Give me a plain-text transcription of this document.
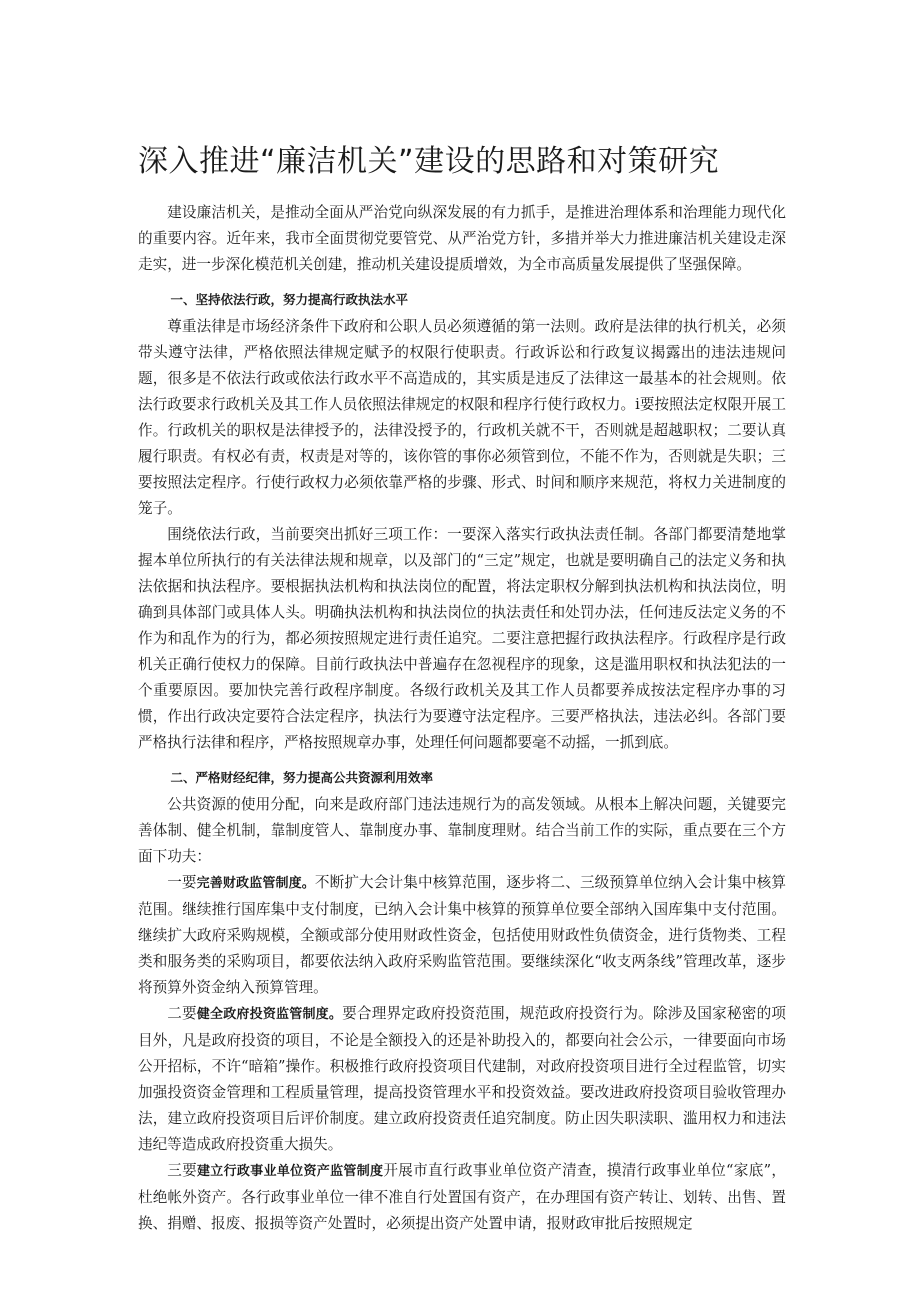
深入推进“廉洁机关”建设的思路和对策研究

建设廉洁机关，是推动全面从严治党向纵深发展的有力抓手，是推进治理体系和治理能力现代化的重要内容。近年来，我市全面贯彻党要管党、从严治党方针，多措并举大力推进廉洁机关建设走深走实，进一步深化模范机关创建，推动机关建设提质增效，为全市高质量发展提供了坚强保障。

一、坚持依法行政，努力提高行政执法水平

尊重法律是市场经济条件下政府和公职人员必须遵循的第一法则。政府是法律的执行机关，必须带头遵守法律，严格依照法律规定赋予的权限行使职责。行政诉讼和行政复议揭露出的违法违规问题，很多是不依法行政或依法行政水平不高造成的，其实质是违反了法律这一最基本的社会规则。依法行政要求行政机关及其工作人员依照法律规定的权限和程序行使行政权力。i要按照法定权限开展工作。行政机关的职权是法律授予的，法律没授予的，行政机关就不干，否则就是超越职权；二要认真履行职责。有权必有责，权责是对等的，该你管的事你必须管到位，不能不作为，否则就是失职；三要按照法定程序。行使行政权力必须依靠严格的步骤、形式、时间和顺序来规范，将权力关进制度的笼子。

围绕依法行政，当前要突出抓好三项工作：一要深入落实行政执法责任制。各部门都要清楚地掌握本单位所执行的有关法律法规和规章，以及部门的“三定”规定，也就是要明确自己的法定义务和执法依据和执法程序。要根据执法机构和执法岗位的配置，将法定职权分解到执法机构和执法岗位，明确到具体部门或具体人头。明确执法机构和执法岗位的执法责任和处罚办法，任何违反法定义务的不作为和乱作为的行为，都必须按照规定进行责任追究。二要注意把握行政执法程序。行政程序是行政机关正确行使权力的保障。目前行政执法中普遍存在忽视程序的现象，这是滥用职权和执法犯法的一个重要原因。要加快完善行政程序制度。各级行政机关及其工作人员都要养成按法定程序办事的习惯，作出行政决定要符合法定程序，执法行为要遵守法定程序。三要严格执法，违法必纠。各部门要严格执行法律和程序，严格按照规章办事，处理任何问题都要毫不动摇，一抓到底。

二、严格财经纪律，努力提高公共资源利用效率

公共资源的使用分配，向来是政府部门违法违规行为的高发领域。从根本上解决问题，关键要完善体制、健全机制，靠制度管人、靠制度办事、靠制度理财。结合当前工作的实际，重点要在三个方面下功夫：

一要完善财政监管制度。不断扩大会计集中核算范围，逐步将二、三级预算单位纳入会计集中核算范围。继续推行国库集中支付制度，已纳入会计集中核算的预算单位要全部纳入国库集中支付范围。继续扩大政府采购规模，全额或部分使用财政性资金，包括使用财政性负债资金，进行货物类、工程类和服务类的采购项目，都要依法纳入政府采购监管范围。要继续深化“收支两条线”管理改革，逐步将预算外资金纳入预算管理。

二要健全政府投资监管制度。要合理界定政府投资范围，规范政府投资行为。除涉及国家秘密的项目外，凡是政府投资的项目，不论是全额投入的还是补助投入的，都要向社会公示，一律要面向市场公开招标，不许“暗箱”操作。积极推行政府投资项目代建制，对政府投资项目进行全过程监管，切实加强投资资金管理和工程质量管理，提高投资管理水平和投资效益。要改进政府投资项目验收管理办法，建立政府投资项目后评价制度。建立政府投资责任追究制度。防止因失职渎职、滥用权力和违法违纪等造成政府投资重大损失。

三要建立行政事业单位资产监管制度开展市直行政事业单位资产清查，摸清行政事业单位“家底”，杜绝帐外资产。各行政事业单位一律不准自行处置国有资产，在办理国有资产转让、划转、出售、置换、捐赠、报废、报损等资产处置时，必须提出资产处置申请，报财政审批后按照规定
